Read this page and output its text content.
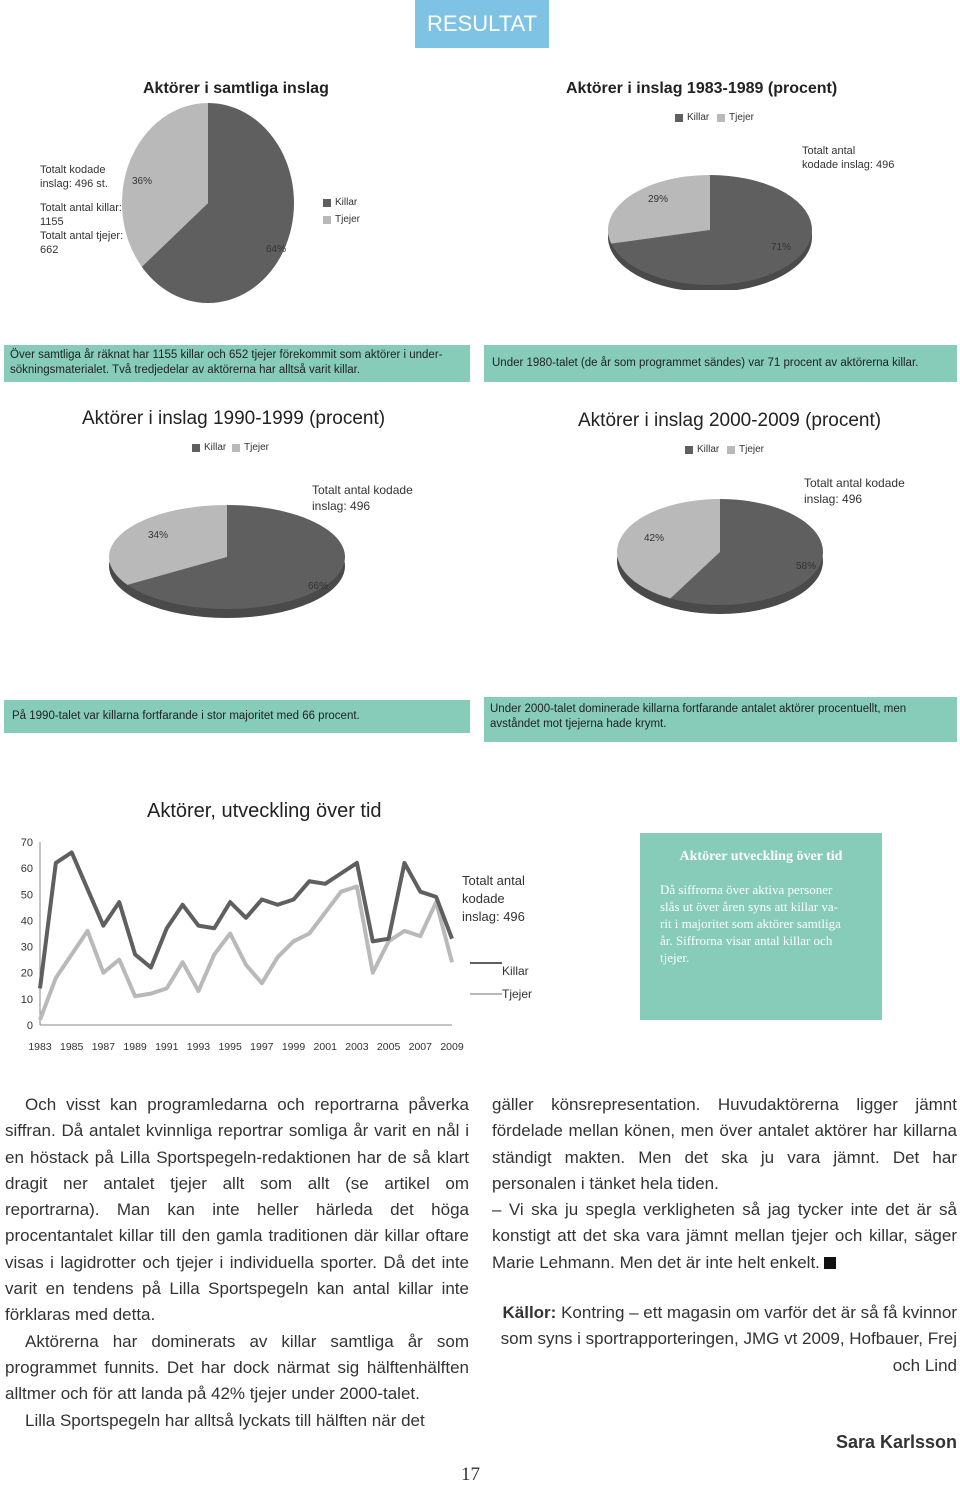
RESULTAT
Aktörer i samtliga inslag
Totalt kodade
inslag: 496 st.
Totalt antal killar:
1155
Totalt antal tjejer:
662
36%
64%
Killar
Tjejer
Aktörer i inslag 1983-1989 (procent)
Killar Tjejer
Totalt antal
kodade inslag: 496
29%
71%
Över samtliga år räknat har 1155 killar och 652 tjejer förekommit som aktörer i under-
sökningsmaterialet. Två tredjedelar av aktörerna har alltså varit killar.
Under 1980-talet (de år som programmet sändes) var 71 procent av aktörerna killar.
Aktörer i inslag 1990-1999 (procent)
Killar Tjejer
Totalt antal kodade
inslag: 496
34%
66%
Aktörer i inslag 2000-2009 (procent)
Killar Tjejer
Totalt antal kodade
inslag: 496
42%
58%
På 1990-talet var killarna fortfarande i stor majoritet med 66 procent.
Under 2000-talet dominerade killarna fortfarande antalet aktörer procentuellt, men
avståndet mot tjejerna hade krymt.
Aktörer, utveckling över tid
0
10
20
30
40
50
60
70
1983 1985 1987 1989 1991 1993 1995 1997 1999 2001 2003 2005 2007 2009
Totalt antal
kodade
inslag: 496
Killar
Tjejer
Aktörer utveckling över tid
Då siffrorna över aktiva personer
slås ut över åren syns att killar va-
rit i majoritet som aktörer samtliga
år. Siffrorna visar antal killar och
tjejer.

Och visst kan programledarna och reportrarna påverka siffran. Då antalet kvinnliga reportrar somliga år varit en nål i en höstack på Lilla Sportspegeln-redaktionen har de så klart dragit ner antalet tjejer allt som allt (se artikel om reportrarna). Man kan inte heller härleda det höga procentantalet killar till den gamla traditionen där killar oftare visas i lagidrotter och tjejer i individuella sporter. Då det inte varit en tendens på Lilla Sportspegeln kan antal killar inte förklaras med detta.

Aktörerna har dominerats av killar samtliga år som programmet funnits. Det har dock närmat sig hälftenhälften alltmer och för att landa på 42% tjejer under 2000-talet.

Lilla Sportspegeln har alltså lyckats till hälften när det

gäller könsrepresentation. Huvudaktörerna ligger jämnt fördelade mellan könen, men över antalet aktörer har killarna ständigt makten. Men det ska ju vara jämnt. Det har personalen i tänket hela tiden.

– Vi ska ju spegla verkligheten så jag tycker inte det är så konstigt att det ska vara jämnt mellan tjejer och killar, säger Marie Lehmann. Men det är inte helt enkelt.

Källor: Kontring – ett magasin om varför det är så få kvinnor som syns i sportrapporteringen, JMG vt 2009, Hofbauer, Frej och Lind
Sara Karlsson
17
